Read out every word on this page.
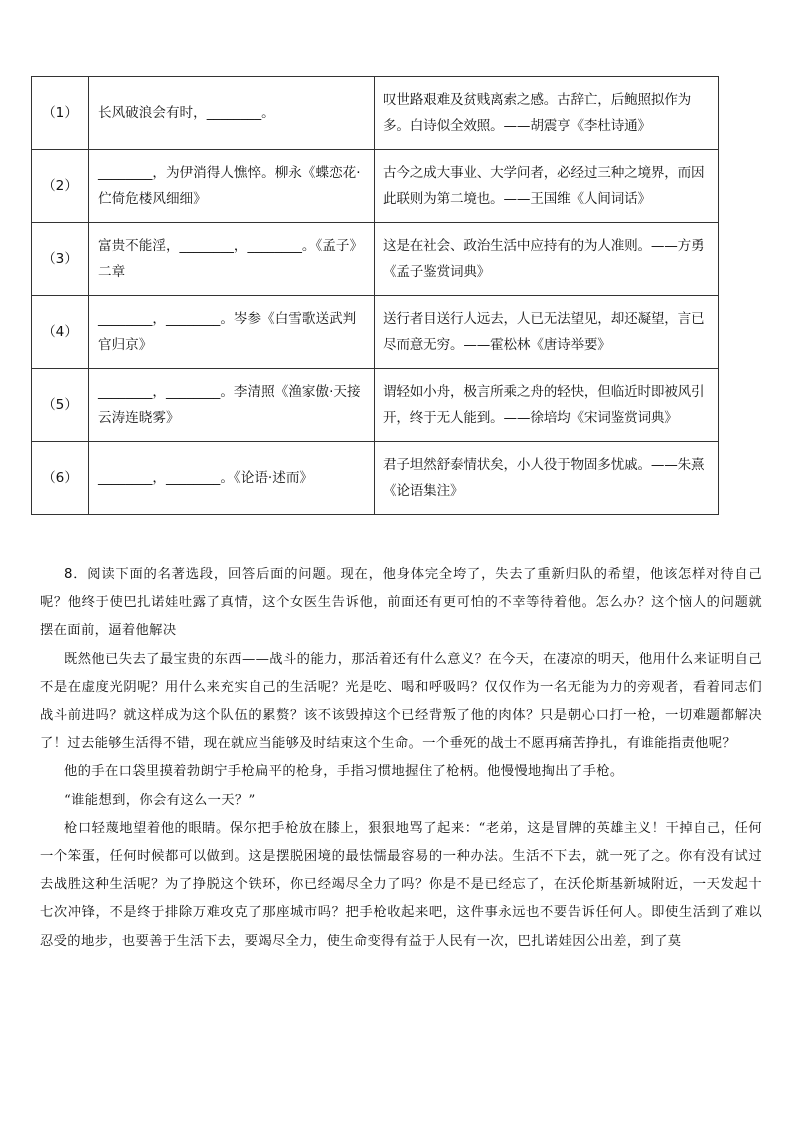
（1）	长风破浪会有时，________。	叹世路艰难及贫贱离索之感。古辞亡，后鲍照拟作为多。白诗似全效照。——胡震亨《李杜诗通》
（2）	________，为伊消得人憔悴。柳永《蝶恋花·伫倚危楼风细细》	古今之成大事业、大学问者，必经过三种之境界，而因此联则为第二境也。——王国维《人间词话》
（3）	富贵不能淫，________，________。《孟子》二章	这是在社会、政治生活中应持有的为人准则。——方勇《孟子鉴赏词典》
（4）	________，________。岑参《白雪歌送武判官归京》	送行者目送行人远去，人已无法望见，却还凝望，言已尽而意无穷。——霍松林《唐诗举要》
（5）	________，________。李清照《渔家傲·天接云涛连晓雾》	谓轻如小舟，极言所乘之舟的轻快，但临近时即被风引开，终于无人能到。——徐培均《宋词鉴赏词典》
（6）	________，________。《论语·述而》	君子坦然舒泰情状矣，小人役于物固多忧戚。——朱熹《论语集注》

8．阅读下面的名著选段，回答后面的问题。现在，他身体完全垮了，失去了重新归队的希望，他该怎样对待自己呢？他终于使巴扎诺娃吐露了真情，这个女医生告诉他，前面还有更可怕的不幸等待着他。怎么办？这个恼人的问题就摆在面前，逼着他解决

既然他已失去了最宝贵的东西——战斗的能力，那活着还有什么意义？在今天，在凄凉的明天，他用什么来证明自己不是在虚度光阴呢？用什么来充实自己的生活呢？光是吃、喝和呼吸吗？仅仅作为一名无能为力的旁观者，看着同志们战斗前进吗？就这样成为这个队伍的累赘？该不该毁掉这个已经背叛了他的肉体？只是朝心口打一枪，一切难题都解决了！过去能够生活得不错，现在就应当能够及时结束这个生命。一个垂死的战士不愿再痛苦挣扎，有谁能指责他呢？

他的手在口袋里摸着勃朗宁手枪扁平的枪身，手指习惯地握住了枪柄。他慢慢地掏出了手枪。

“谁能想到，你会有这么一天？”

枪口轻蔑地望着他的眼睛。保尔把手枪放在膝上，狠狠地骂了起来：“老弟，这是冒牌的英雄主义！干掉自己，任何一个笨蛋，任何时候都可以做到。这是摆脱困境的最怯懦最容易的一种办法。生活不下去，就一死了之。你有没有试过去战胜这种生活呢？为了挣脱这个铁环，你已经竭尽全力了吗？你是不是已经忘了，在沃伦斯基新城附近，一天发起十七次冲锋，不是终于排除万难攻克了那座城市吗？把手枪收起来吧，这件事永远也不要告诉任何人。即使生活到了难以忍受的地步，也要善于生活下去，要竭尽全力，使生命变得有益于人民有一次，巴扎诺娃因公出差，到了莫
